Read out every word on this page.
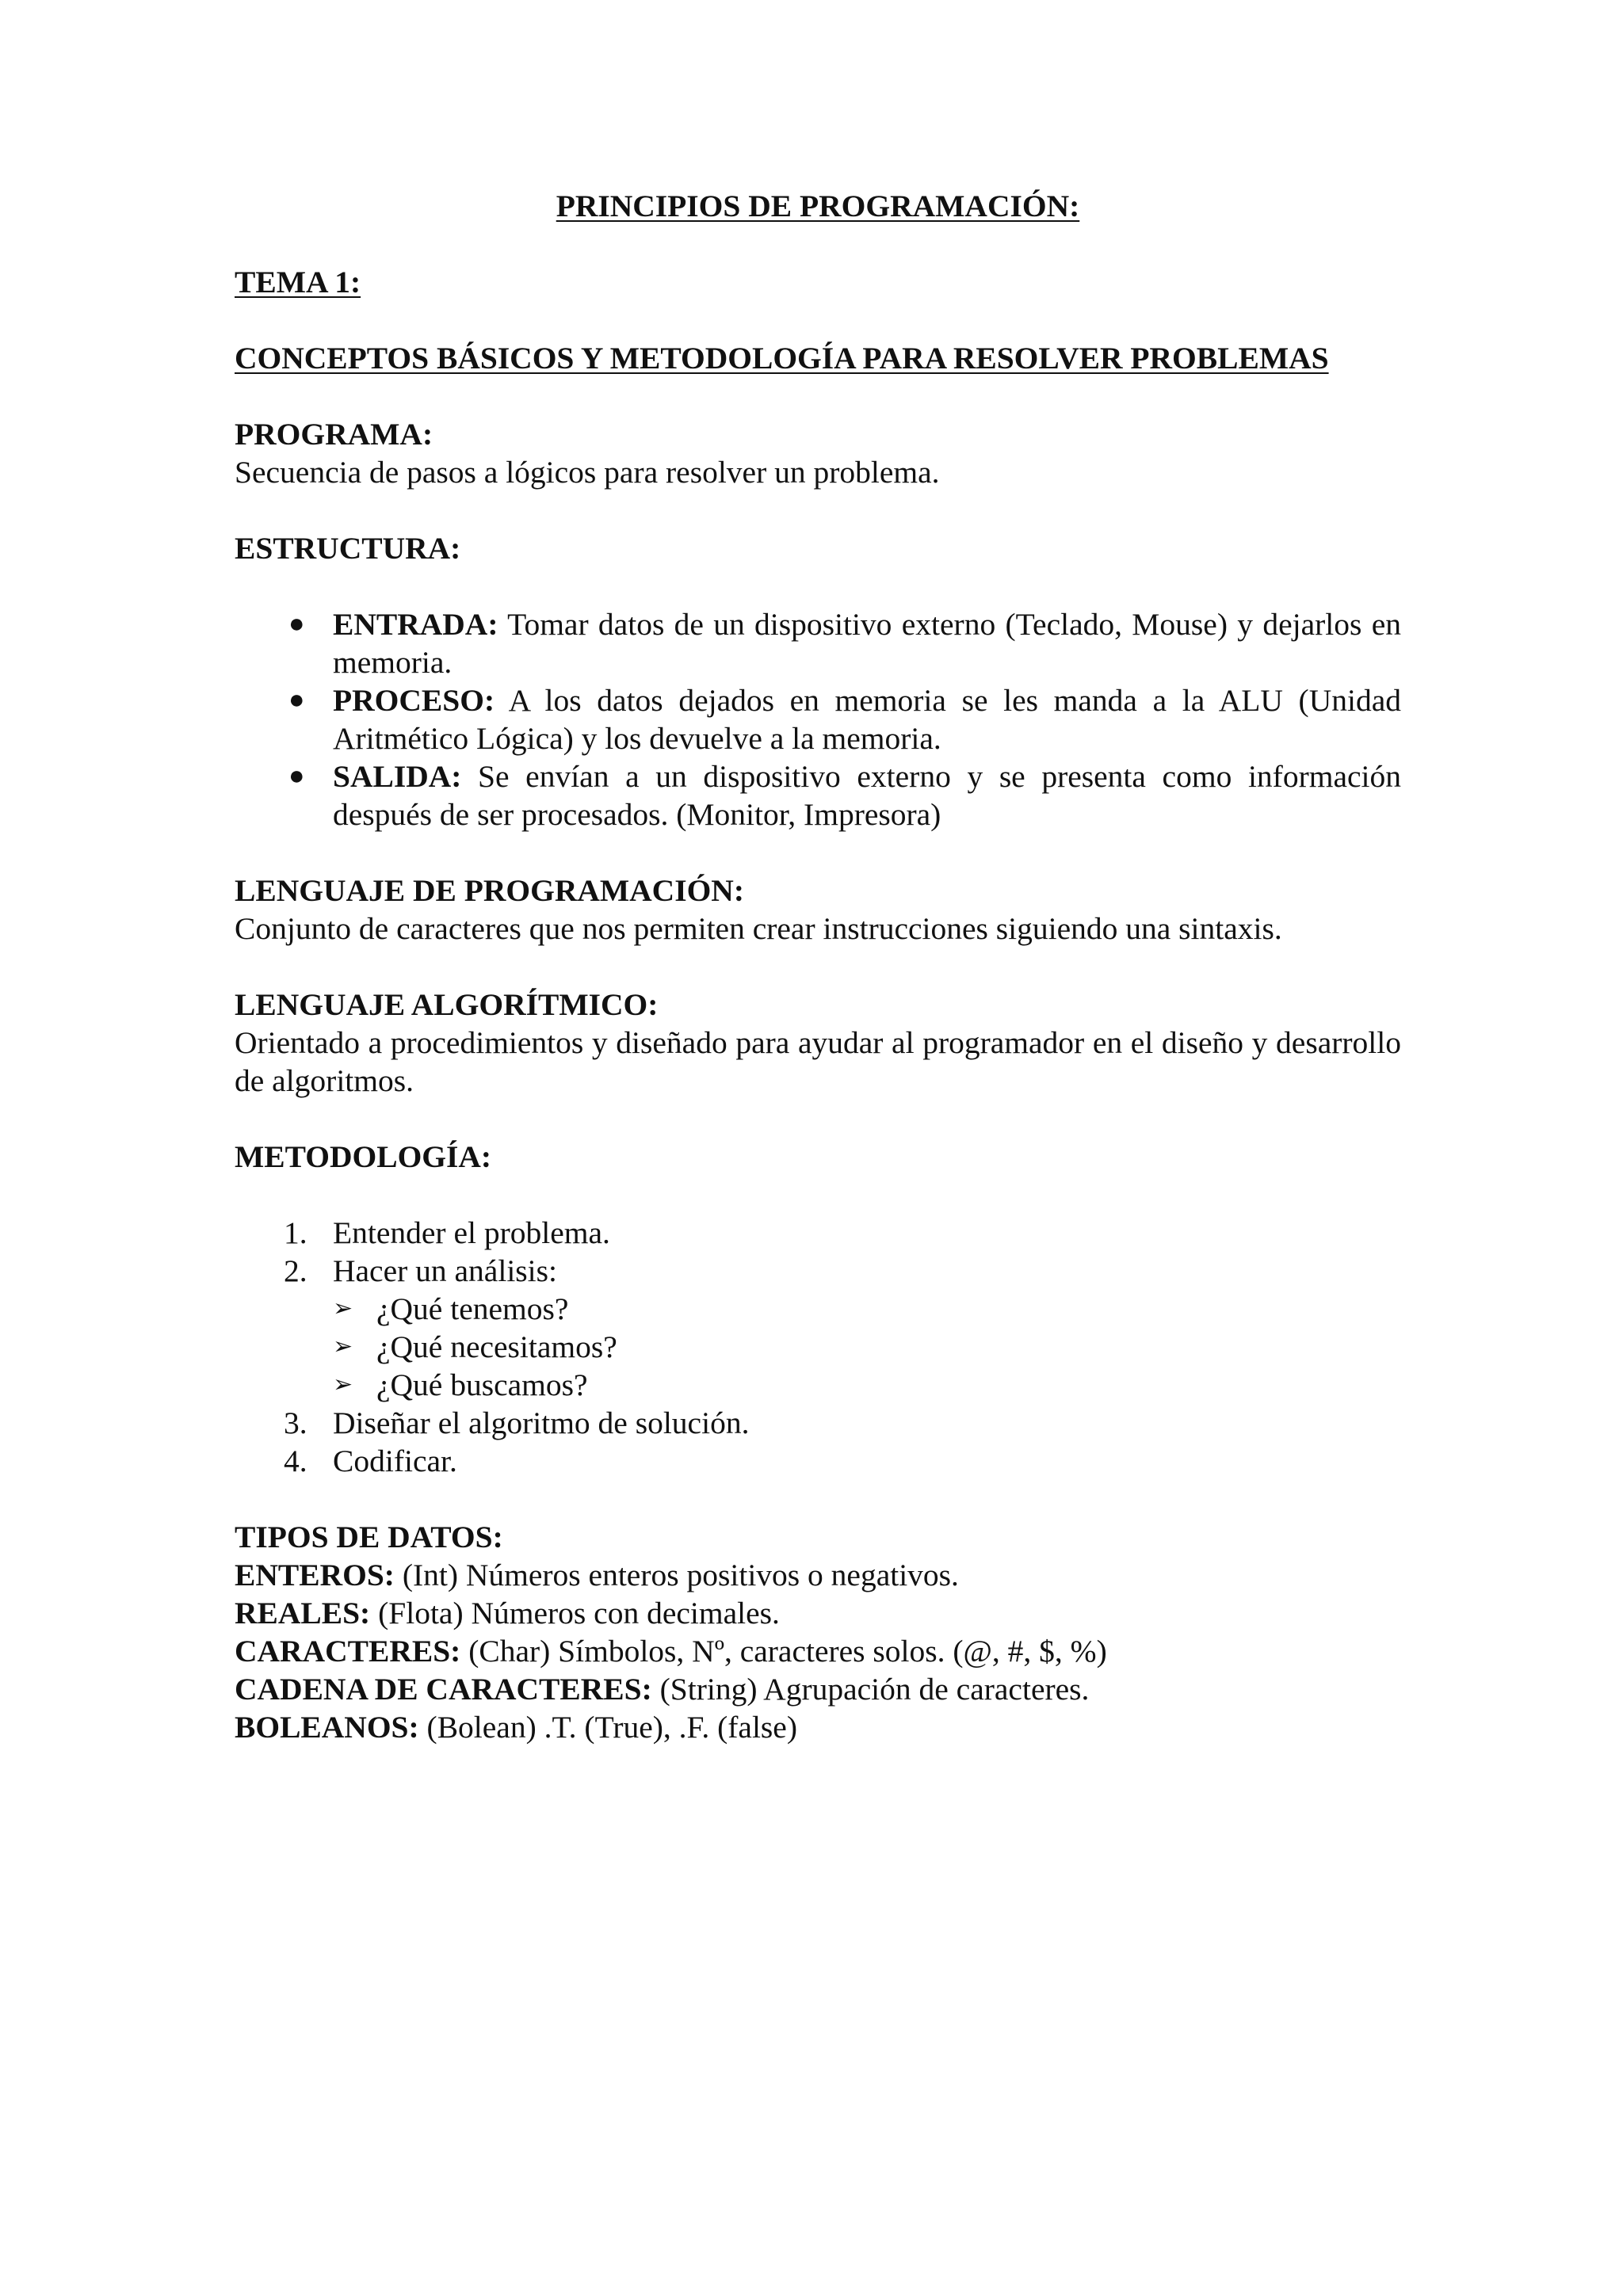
PRINCIPIOS DE PROGRAMACIÓN:

TEMA 1:

CONCEPTOS BÁSICOS Y METODOLOGÍA PARA RESOLVER PROBLEMAS

PROGRAMA:

Secuencia de pasos a lógicos para resolver un problema.

ESTRUCTURA:

● ENTRADA: Tomar datos de un dispositivo externo (Teclado, Mouse) y dejarlos en memoria.
● PROCESO: A los datos dejados en memoria se les manda a la ALU (Unidad Aritmético Lógica) y los devuelve a la memoria.
● SALIDA: Se envían a un dispositivo externo y se presenta como información después de ser procesados. (Monitor, Impresora)

LENGUAJE DE PROGRAMACIÓN:

Conjunto de caracteres que nos permiten crear instrucciones siguiendo una sintaxis.

LENGUAJE ALGORÍTMICO:

Orientado a procedimientos y diseñado para ayudar al programador en el diseño y desarrollo de algoritmos.

METODOLOGÍA:

1. Entender el problema.
2. Hacer un análisis:
➢ ¿Qué tenemos?
➢ ¿Qué necesitamos?
➢ ¿Qué buscamos?
3. Diseñar el algoritmo de solución.
4. Codificar.

TIPOS DE DATOS:

ENTEROS: (Int) Números enteros positivos o negativos.

REALES: (Flota) Números con decimales.

CARACTERES: (Char) Símbolos, Nº, caracteres solos. (@, #, $, %)

CADENA DE CARACTERES: (String) Agrupación de caracteres.

BOLEANOS: (Bolean) .T. (True), .F. (false)
